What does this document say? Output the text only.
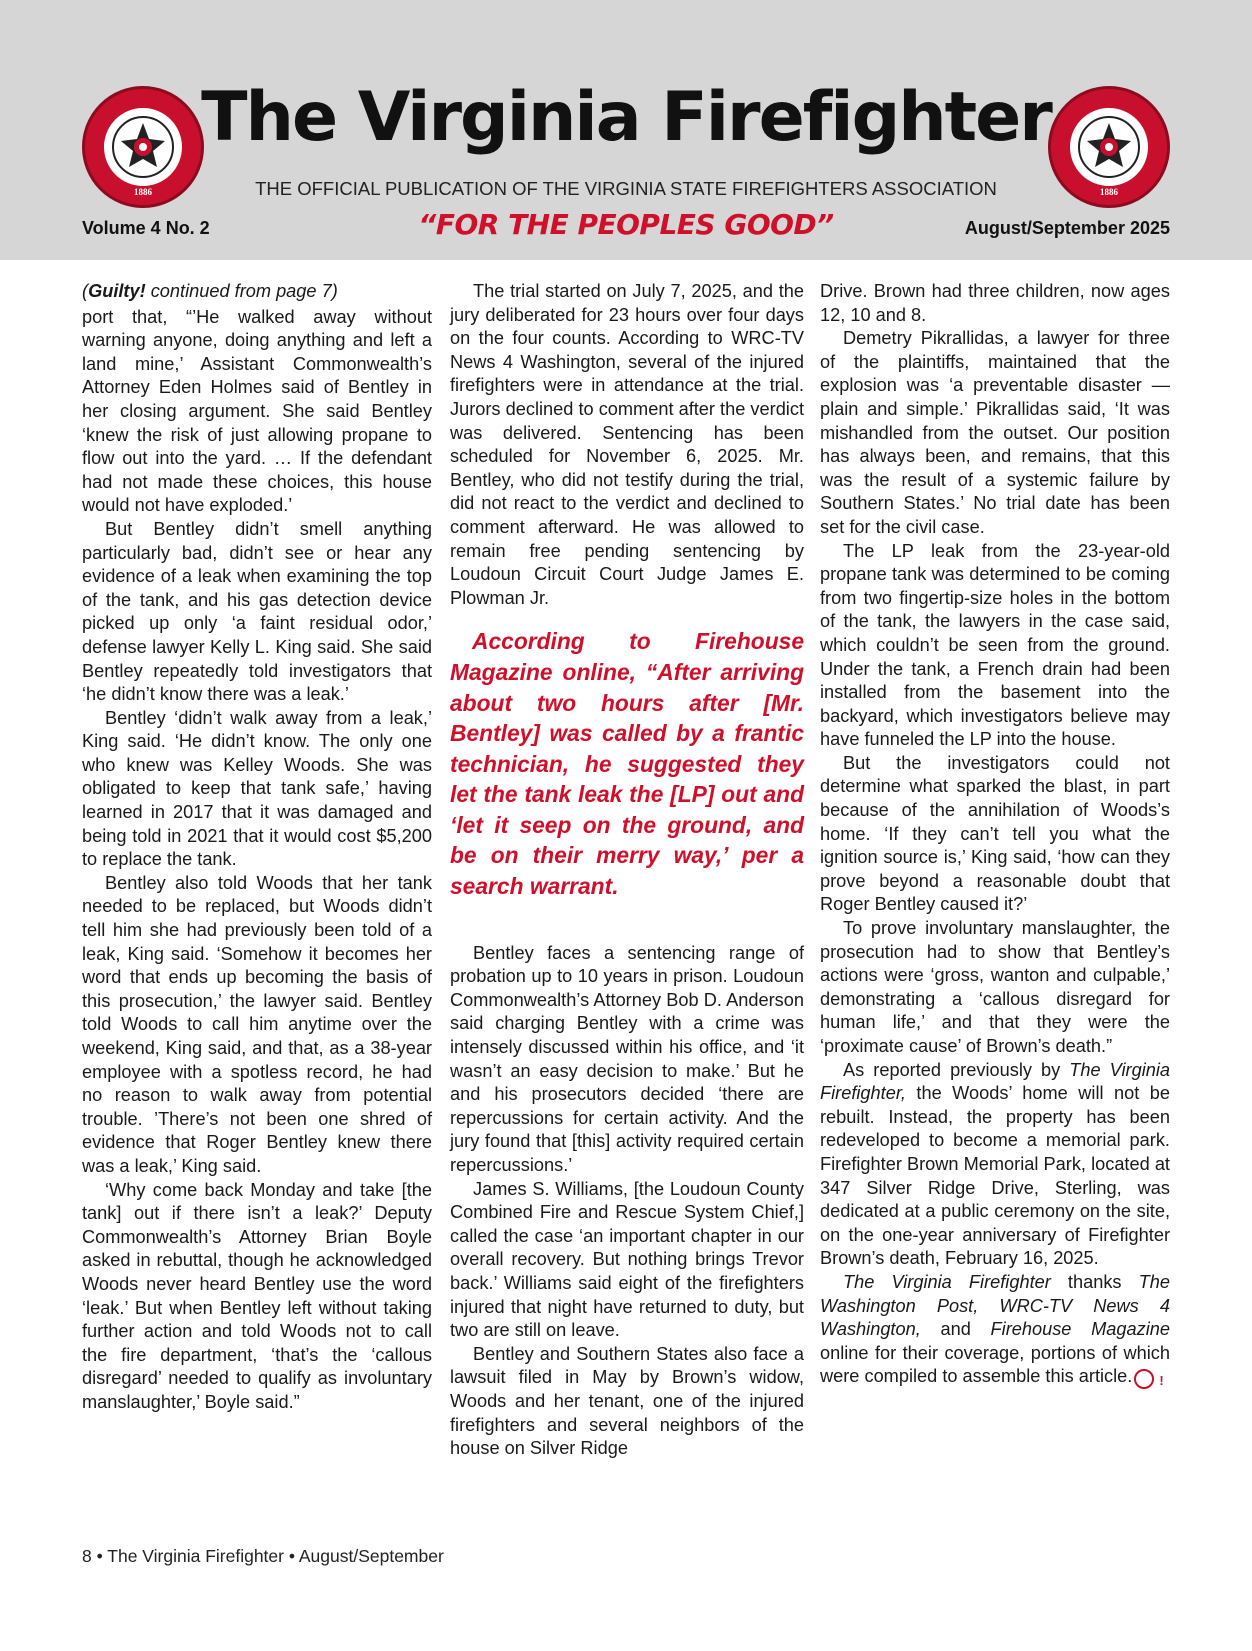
1886
The Virginia Firefighter
1886
THE OFFICIAL PUBLICATION OF THE VIRGINIA STATE FIREFIGHTERS ASSOCIATION
Volume 4 No. 2	“FOR THE PEOPLES GOOD”	August/September 2025

(Guilty! continued from page 7)

port that, “’He walked away without warning anyone, doing anything and left a land mine,’ Assistant Commonwealth’s Attorney Eden Holmes said of Bentley in her closing argument. She said Bentley ‘knew the risk of just allowing propane to flow out into the yard. … If the defendant had not made these choices, this house would not have exploded.’

But Bentley didn’t smell anything particularly bad, didn’t see or hear any evidence of a leak when examining the top of the tank, and his gas detection device picked up only ‘a faint residual odor,’ defense lawyer Kelly L. King said. She said Bentley repeatedly told investigators that ‘he didn’t know there was a leak.’

Bentley ‘didn’t walk away from a leak,’ King said. ‘He didn’t know. The only one who knew was Kelley Woods. She was obligated to keep that tank safe,’ having learned in 2017 that it was damaged and being told in 2021 that it would cost $5,200 to replace the tank.

Bentley also told Woods that her tank needed to be replaced, but Woods didn’t tell him she had previously been told of a leak, King said. ‘Somehow it becomes her word that ends up becoming the basis of this prosecution,’ the lawyer said. Bentley told Woods to call him anytime over the weekend, King said, and that, as a 38-year employee with a spotless record, he had no reason to walk away from potential trouble. ’There’s not been one shred of evidence that Roger Bentley knew there was a leak,’ King said.

‘Why come back Monday and take [the tank] out if there isn’t a leak?’ Deputy Commonwealth’s Attorney Brian Boyle asked in rebuttal, though he acknowledged Woods never heard Bentley use the word ‘leak.’ But when Bentley left without taking further action and told Woods not to call the fire department, ‘that’s the ‘callous disregard’ needed to qualify as involuntary manslaughter,’ Boyle said.”

The trial started on July 7, 2025, and the jury deliberated for 23 hours over four days on the four counts. According to WRC-TV News 4 Washington, several of the injured firefighters were in attendance at the trial. Jurors declined to comment after the verdict was delivered. Sentencing has been scheduled for November 6, 2025. Mr. Bentley, who did not testify during the trial, did not react to the verdict and declined to comment afterward. He was allowed to remain free pending sentencing by Loudoun Circuit Court Judge James E. Plowman Jr.

According to Firehouse Magazine online, “After arriving about two hours after [Mr. Bentley] was called by a frantic technician, he suggested they let the tank leak the [LP] out and ‘let it seep on the ground, and be on their merry way,’ per a search warrant.

Bentley faces a sentencing range of probation up to 10 years in prison. Loudoun Commonwealth’s Attorney Bob D. Anderson said charging Bentley with a crime was intensely discussed within his office, and ‘it wasn’t an easy decision to make.’ But he and his prosecutors decided ‘there are repercussions for certain activity. And the jury found that [this] activity required certain repercussions.’

James S. Williams, [the Loudoun County Combined Fire and Rescue System Chief,] called the case ‘an important chapter in our overall recovery. But nothing brings Trevor back.’ Williams said eight of the firefighters injured that night have returned to duty, but two are still on leave.

Bentley and Southern States also face a lawsuit filed in May by Brown’s widow, Woods and her tenant, one of the injured firefighters and several neighbors of the house on Silver Ridge

Drive. Brown had three children, now ages 12, 10 and 8.

Demetry Pikrallidas, a lawyer for three of the plaintiffs, maintained that the explosion was ‘a preventable disaster — plain and simple.’ Pikrallidas said, ‘It was mishandled from the outset. Our position has always been, and remains, that this was the result of a systemic failure by Southern States.’ No trial date has been set for the civil case.

The LP leak from the 23-year-old propane tank was determined to be coming from two fingertip-size holes in the bottom of the tank, the lawyers in the case said, which couldn’t be seen from the ground. Under the tank, a French drain had been installed from the basement into the backyard, which investigators believe may have funneled the LP into the house.

But the investigators could not determine what sparked the blast, in part because of the annihilation of Woods’s home. ‘If they can’t tell you what the ignition source is,’ King said, ‘how can they prove beyond a reasonable doubt that Roger Bentley caused it?’

To prove involuntary manslaughter, the prosecution had to show that Bentley’s actions were ‘gross, wanton and culpable,’ demonstrating a ‘callous disregard for human life,’ and that they were the ‘proximate cause’ of Brown’s death.”

As reported previously by The Virginia Firefighter, the Woods’ home will not be rebuilt. Instead, the property has been redeveloped to become a memorial park. Firefighter Brown Memorial Park, located at 347 Silver Ridge Drive, Sterling, was dedicated at a public ceremony on the site, on the one-year anniversary of Firefighter Brown’s death, February 16, 2025.

The Virginia Firefighter thanks The Washington Post, WRC-TV News 4 Washington, and Firehouse Magazine online for their coverage, portions of which were compiled to assemble this article. !

8 • The Virginia Firefighter • August/September
